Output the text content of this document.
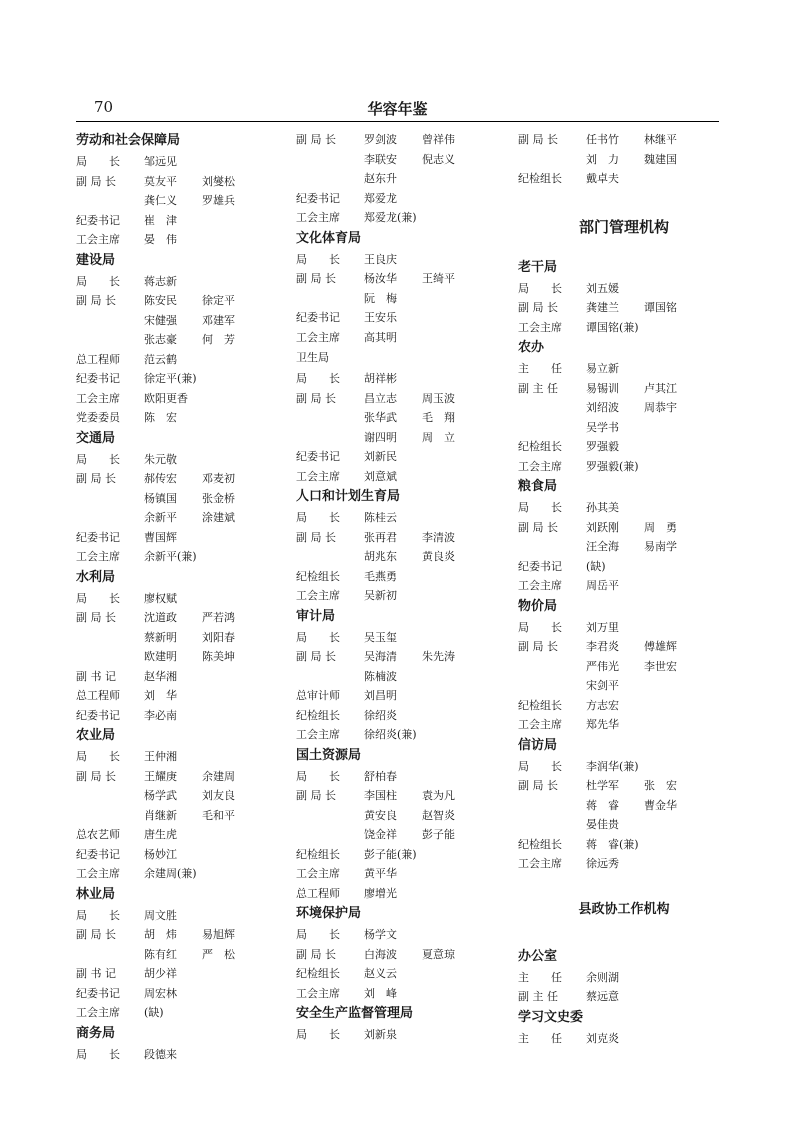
70	华容年鉴
劳动和社会保障局
局　　长	邹远见
副 局 长	莫友平 刘燮松
龚仁义 罗雄兵
纪委书记	崔　津
工会主席	晏　伟
建设局
局　　长	蒋志新
副 局 长	陈安民 徐定平
宋健强 邓建军
张志豪 何　芳
总工程师	范云鹤
纪委书记	徐定平(兼)
工会主席	欧阳更香
党委委员	陈　宏
交通局
局　　长	朱元敬
副 局 长	郝传宏 邓麦初
杨镇国 张金桥
余新平 涂建斌
纪委书记	曹国辉
工会主席	余新平(兼)
水利局
局　　长	廖权赋
副 局 长	沈道政 严若鸿
蔡新明 刘阳春
欧建明 陈美坤
副 书 记	赵华湘
总工程师	刘　华
纪委书记	李必南
农业局
局　　长	王仲湘
副 局 长	王耀庚 余建周
杨学武 刘友良
肖继新 毛和平
总农艺师	唐生虎
纪委书记	杨妙江
工会主席	余建周(兼)
林业局
局　　长	周文胜
副 局 长	胡　炜 易旭辉
陈有红 严　松
副 书 记	胡少祥
纪委书记	周宏林
工会主席	(缺)
商务局
局　　长	段德来
副 局 长	罗剑波 曾祥伟
李联安 倪志义
赵东升
纪委书记	郑爱龙
工会主席	郑爱龙(兼)
文化体育局
局　　长	王良庆
副 局 长	杨汝华 王绮平
阮　梅
纪委书记	王安乐
工会主席	高其明
卫生局
局　　长	胡祥彬
副 局 长	昌立志 周玉波
张华武 毛　翔
谢四明 周　立
纪委书记	刘新民
工会主席	刘意斌
人口和计划生育局
局　　长	陈桂云
副 局 长	张再君 李清波
胡兆东 黄良炎
纪检组长	毛燕勇
工会主席	吴新初
审计局
局　　长	吴玉玺
副 局 长	吴海清 朱先涛
陈楠波
总审计师	刘昌明
纪检组长	徐绍炎
工会主席	徐绍炎(兼)
国土资源局
局　　长	舒柏春
副 局 长	李国柱 袁为凡
黄安良 赵智炎
饶金祥 彭子能
纪检组长	彭子能(兼)
工会主席	黄平华
总工程师	廖增光
环境保护局
局　　长	杨学文
副 局 长	白海波 夏意琼
纪检组长	赵义云
工会主席	刘　峰
安全生产监督管理局
局　　长	刘新泉
副 局 长	任书竹 林继平
刘　力 魏建国
纪检组长	戴卓夫
部门管理机构
老干局
局　　长	刘五媛
副 局 长	龚建兰 谭国铭
工会主席	谭国铭(兼)
农办
主　　任	易立新
副 主 任	易锡训 卢其江
刘绍波 周恭宇
吴学书
纪检组长	罗强毅
工会主席	罗强毅(兼)
粮食局
局　　长	孙其美
副 局 长	刘跃刚 周　勇
汪全海 易南学
纪委书记	(缺)
工会主席	周岳平
物价局
局　　长	刘万里
副 局 长	李君炎 傅雄辉
严伟光 李世宏
宋剑平
纪检组长	方志宏
工会主席	郑先华
信访局
局　　长	李润华(兼)
副 局 长	杜学军 张　宏
蒋　睿 曹金华
晏佳贵
纪检组长	蒋　睿(兼)
工会主席	徐远秀
县政协工作机构
办公室
主　　任	余则湖
副 主 任	蔡远意
学习文史委
主　　任	刘克炎
